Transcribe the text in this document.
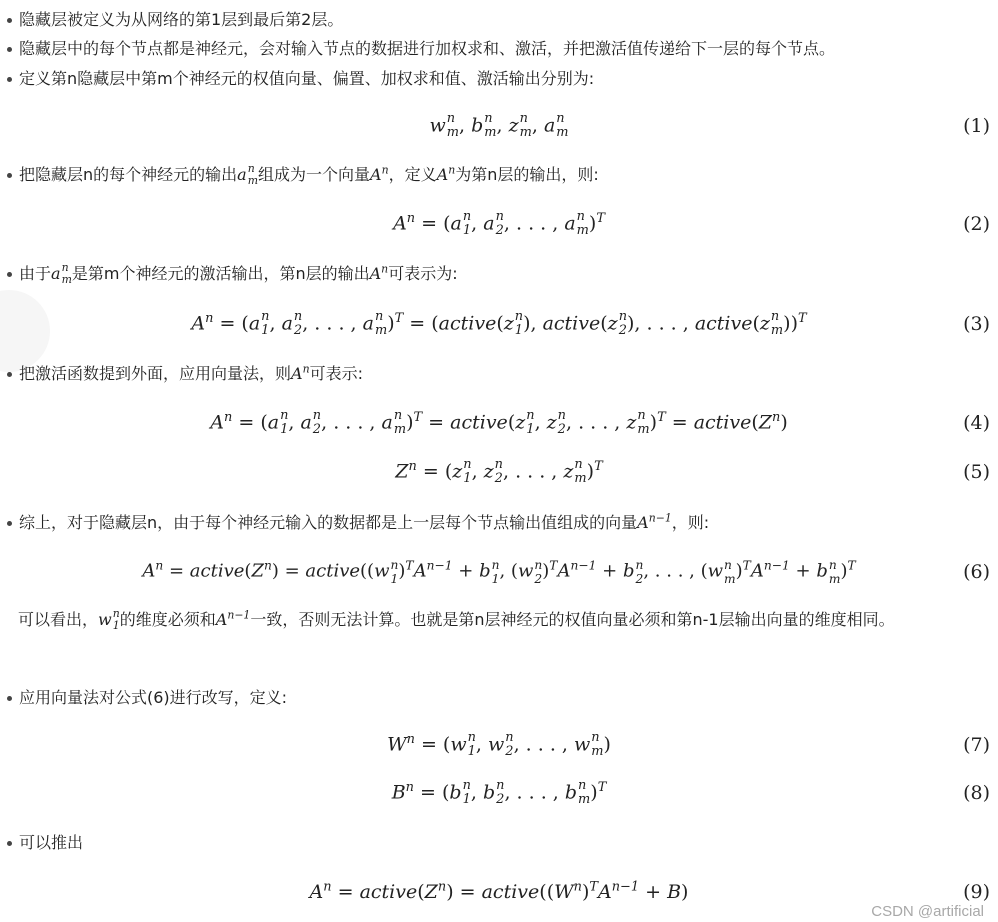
隐藏层被定义为从网络的第1层到最后第2层。
隐藏层中的每个节点都是神经元，会对输入节点的数据进行加权求和、激活，并把激活值传递给下一层的每个节点。
定义第n隐藏层中第m个神经元的权值向量、偏置、加权求和值、激活输出分别为:
w n
m , b n
m , z n
m , a n
m	(1)
把隐藏层n的每个神经元的输出 a n
m 组成为一个向量 $A^n$ ，定义 $A^n$ 为第n层的输出，则:
$A^n = (a$ n
1 , a n
2 , . . . , a n
m )$^T$	(2)
由于 a n
m 是第m个神经元的激活输出，第n层的输出 $A^n$ 可表示为:
$A^n = (a$ n
1 , a n
2 , . . . , a n
m )$^T$ = (active(z n
1 ), active(z n
2 ), . . . , active(z n
m ))$^T$	(3)
把激活函数提到外面，应用向量法，则 $A^n$ 可表示:
$A^n = (a$ n
1 , a n
2 , . . . , a n
m )$^T$ = active(z n
1 , z n
2 , . . . , z n
m )$^T = active(Z^n)$	(4)
$Z^n = (z$ n
1 , z n
2 , . . . , z n
m )$^T$	(5)
综上，对于隐藏层n，由于每个神经元输入的数据都是上一层每个节点输出值组成的向量 $A^{n-1}$ ，则:
$A^n$ = $active(Z^n)$ = active((w n
1 )$^TA^{n-1} + b$ n
1 , (w n
2 )$^TA^{n-1} + b$ n
2 , . . . , (w n
m )$^TA^{n-1} + b$ n
m )$^T$	(6)
可以看出，w n
1 的维度必须和$A^{n-1}$一致，否则无法计算。也就是第n层神经元的权值向量必须和第n-1层输出向量的维度相同。
应用向量法对公式(6)进行改写，定义:
$W^n = (w$ n
1 , w n
2 , . . . , w n
m )	(7)
$B^n = (b$ n
1 , b n
2 , . . . , b n
m )$^T$	(8)
可以推出
$A^n$ = $active(Z^n)$ = $active((W^n)^TA^{n-1} + B)$	(9)
CSDN @artificial
